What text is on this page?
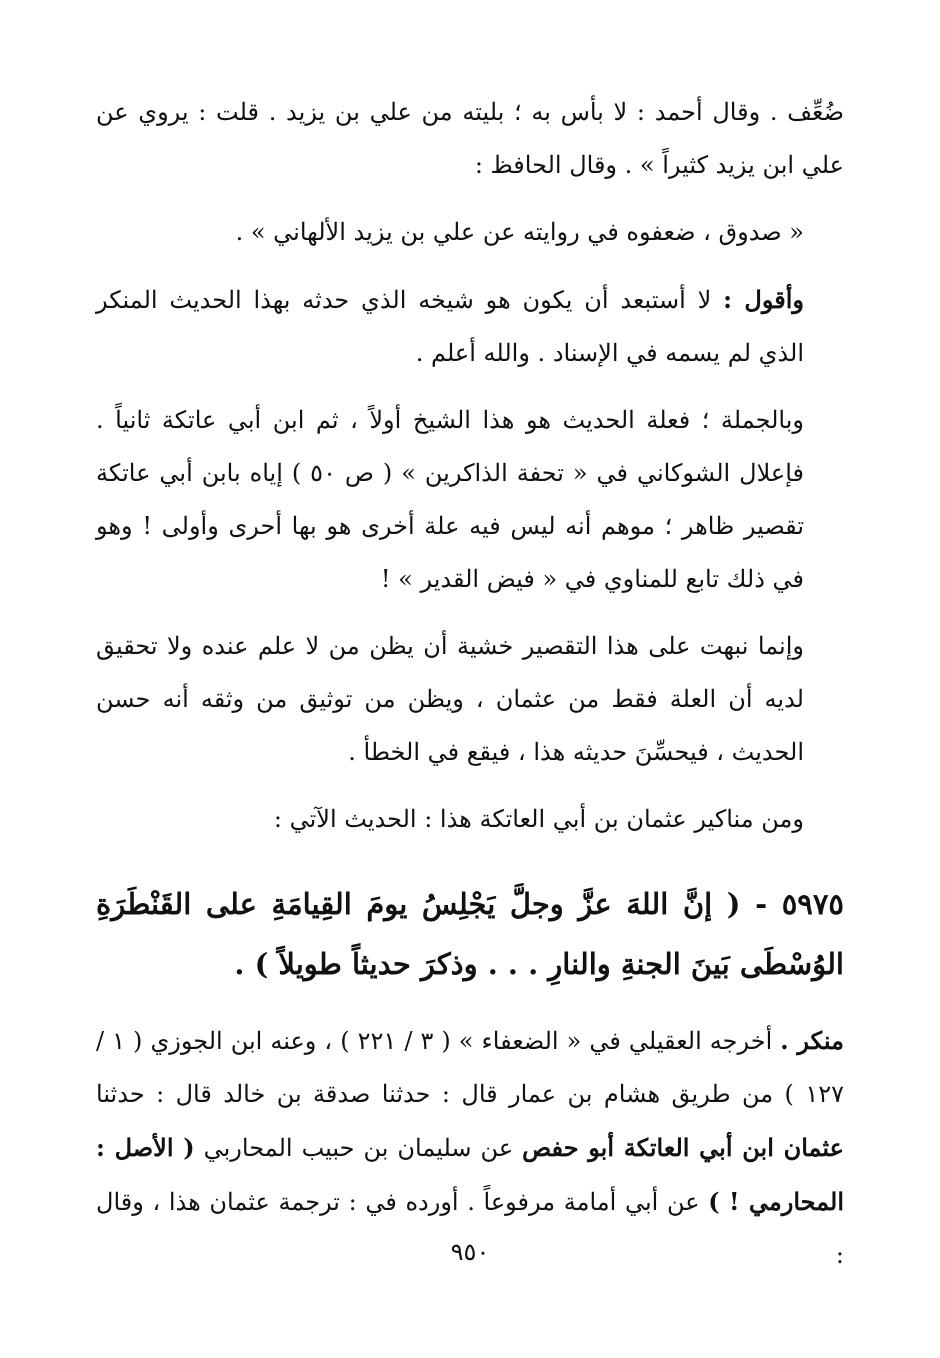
ضُعِّف . وقال أحمد : لا بأس به ؛ بليته من علي بن يزيد . قلت : يروي عن علي ابن يزيد كثيراً » . وقال الحافظ :

« صدوق ، ضعفوه في روايته عن علي بن يزيد الألهاني » .

وأقول : لا أستبعد أن يكون هو شيخه الذي حدثه بهذا الحديث المنكر الذي لم يسمه في الإسناد . والله أعلم .

وبالجملة ؛ فعلة الحديث هو هذا الشيخ أولاً ، ثم ابن أبي عاتكة ثانياً . فإعلال الشوكاني في « تحفة الذاكرين » ( ص ٥٠ ) إياه بابن أبي عاتكة تقصير ظاهر ؛ موهم أنه ليس فيه علة أخرى هو بها أحرى وأولى ! وهو في ذلك تابع للمناوي في « فيض القدير » !

وإنما نبهت على هذا التقصير خشية أن يظن من لا علم عنده ولا تحقيق لديه أن العلة فقط من عثمان ، ويظن من توثيق من وثقه أنه حسن الحديث ، فيحسِّنَ حديثه هذا ، فيقع في الخطأ .

ومن مناكير عثمان بن أبي العاتكة هذا : الحديث الآتي :

٥٩٧٥ - ( إنَّ اللهَ عزَّ وجلَّ يَجْلِسُ يومَ القِيامَةِ على القَنْطَرَةِ الوُسْطَى بَينَ الجنةِ والنارِ . . . وذكرَ حديثاً طويلاً ) .

منكر . أخرجه العقيلي في « الضعفاء » ( ٣ / ٢٢١ ) ، وعنه ابن الجوزي ( ١ / ١٢٧ ) من طريق هشام بن عمار قال : حدثنا صدقة بن خالد قال : حدثنا عثمان ابن أبي العاتكة أبو حفص عن سليمان بن حبيب المحاربي ( الأصل : المحارمي ! ) عن أبي أمامة مرفوعاً . أورده في : ترجمة عثمان هذا ، وقال :

٩٥٠
